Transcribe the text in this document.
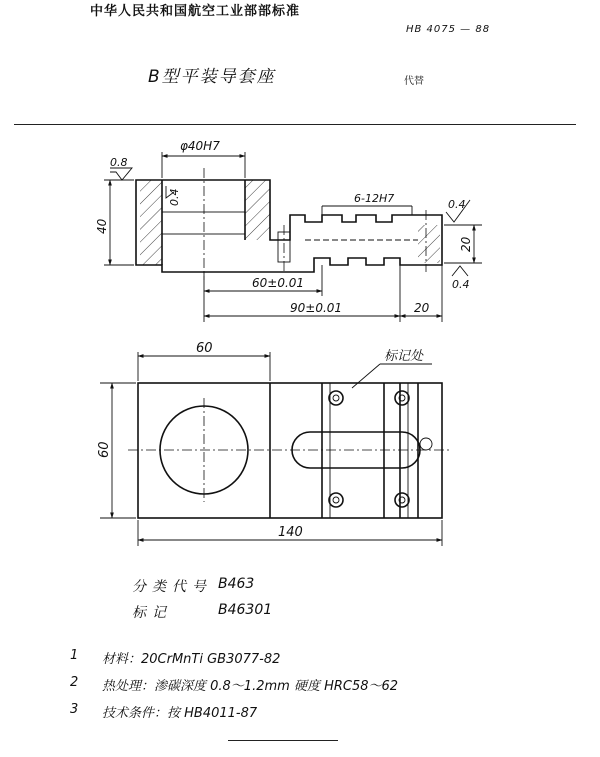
中华人民共和国航空工业部部标准
HB 4075 — 88
B型平装导套座	代替
φ40H7
0.8
0.4
40
6-12H7	0.4
0.4
20
60±0.01
90±0.01	20
标记处
60
60
140
分类代号 B463
标记	B46301
1 材料：20CrMnTi GB3077-82
2 热处理：渗碳深度 0.8～1.2mm 硬度 HRC58～62
3 技术条件：按 HB4011-87
